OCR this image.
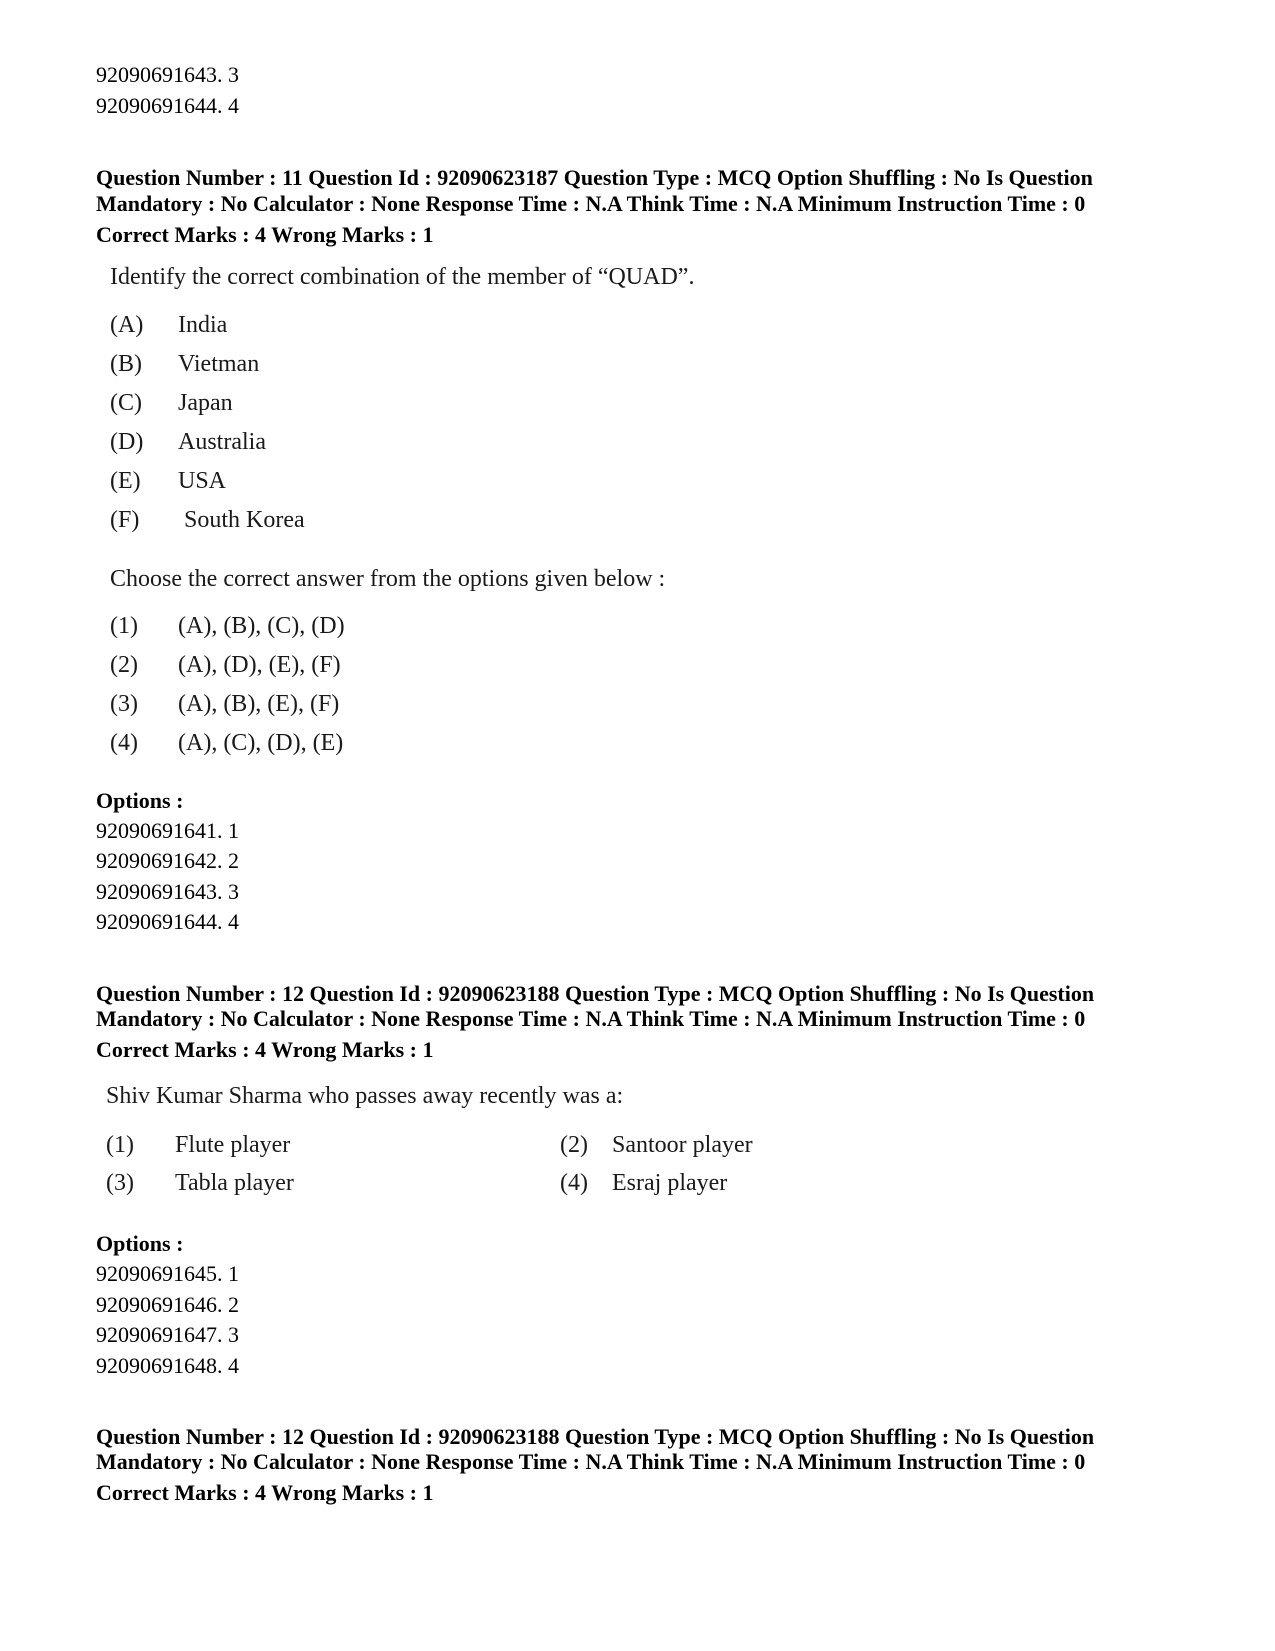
92090691643. 3
92090691644. 4
Question Number : 11 Question Id : 92090623187 Question Type : MCQ Option Shuffling : No Is Question
Mandatory : No Calculator : None Response Time : N.A Think Time : N.A Minimum Instruction Time : 0
Correct Marks : 4 Wrong Marks : 1
Identify the correct combination of the member of “QUAD”.
(A) India
(B) Vietman
(C) Japan
(D) Australia
(E) USA
(F) South Korea
Choose the correct answer from the options given below :
(1) (A), (B), (C), (D)
(2) (A), (D), (E), (F)
(3) (A), (B), (E), (F)
(4) (A), (C), (D), (E)
Options :
92090691641. 1
92090691642. 2
92090691643. 3
92090691644. 4
Question Number : 12 Question Id : 92090623188 Question Type : MCQ Option Shuffling : No Is Question
Mandatory : No Calculator : None Response Time : N.A Think Time : N.A Minimum Instruction Time : 0
Correct Marks : 4 Wrong Marks : 1
Shiv Kumar Sharma who passes away recently was a:
(1) Flute player	(2) Santoor player
(3) Tabla player	(4) Esraj player
Options :
92090691645. 1
92090691646. 2
92090691647. 3
92090691648. 4
Question Number : 12 Question Id : 92090623188 Question Type : MCQ Option Shuffling : No Is Question
Mandatory : No Calculator : None Response Time : N.A Think Time : N.A Minimum Instruction Time : 0
Correct Marks : 4 Wrong Marks : 1
